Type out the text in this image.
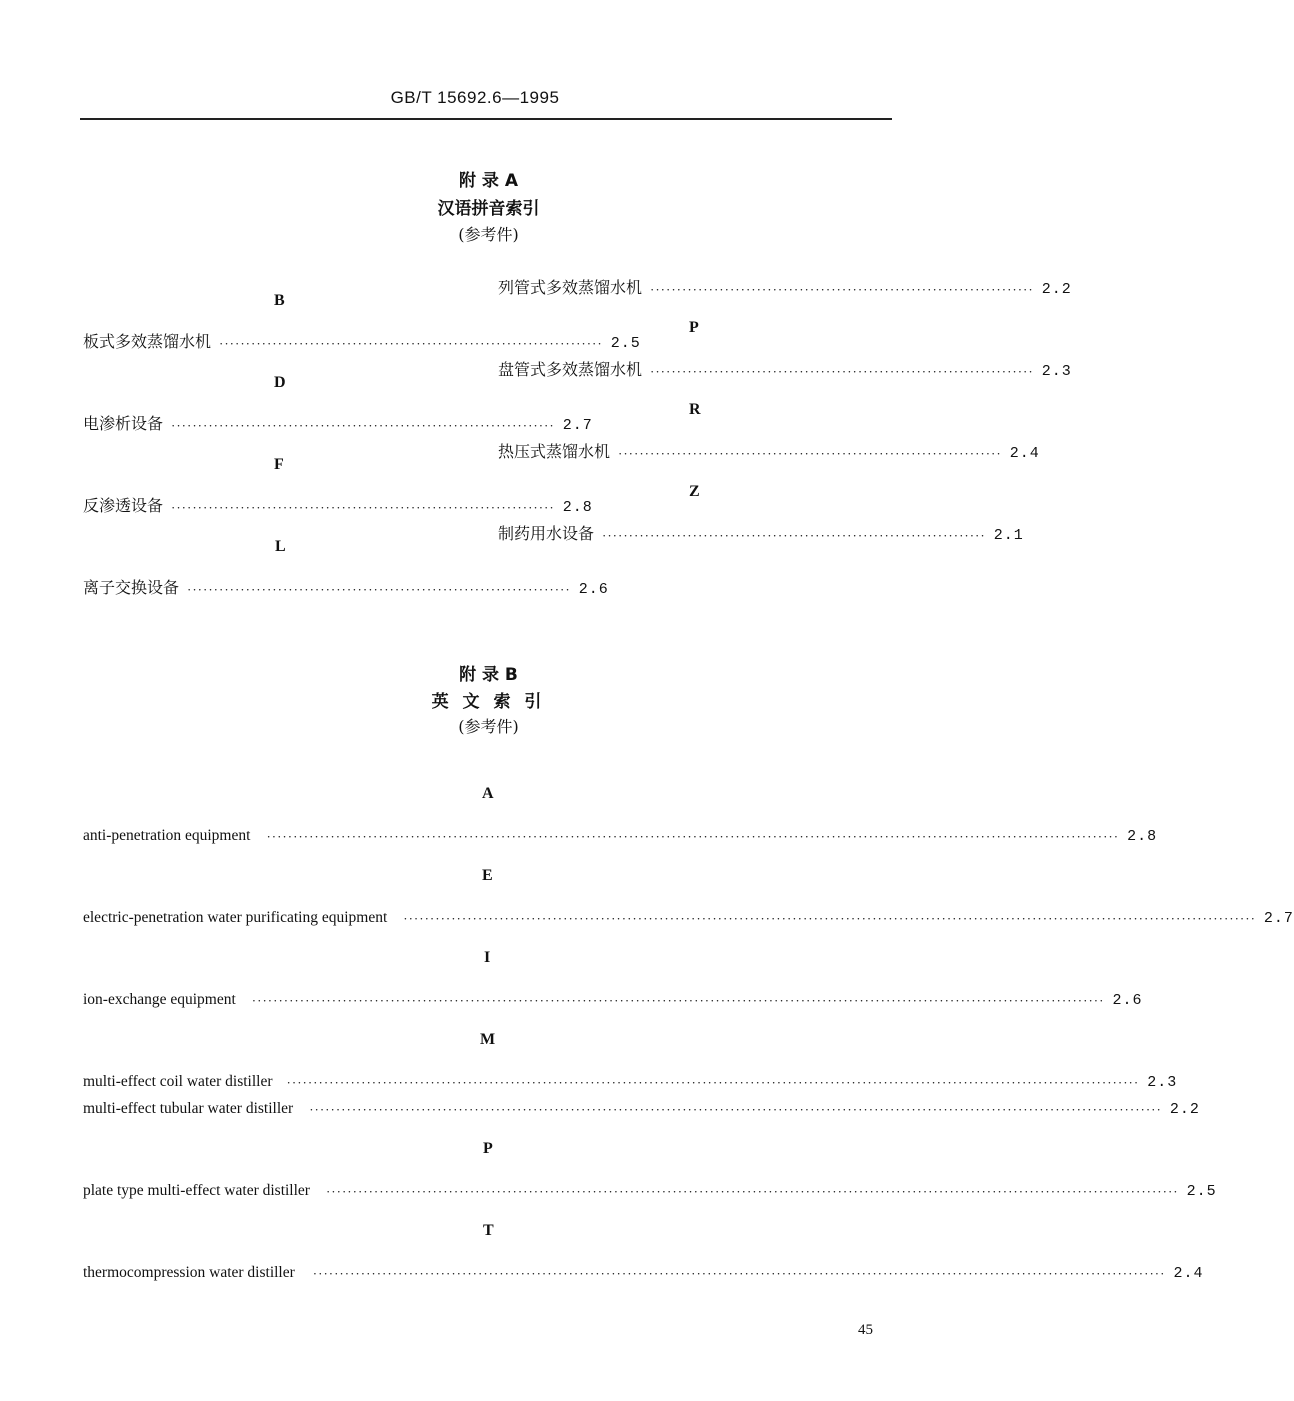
GB/T 15692.6—1995
附 录 A
汉语拼音索引
(参考件)
B
板式多效蒸馏水机 ········································································ 2.5
D
电渗析设备 ········································································ 2.7
F
反渗透设备 ········································································ 2.8
L
离子交换设备 ········································································ 2.6
列管式多效蒸馏水机 ········································································ 2.2
P
盘管式多效蒸馏水机 ········································································ 2.3
R
热压式蒸馏水机 ········································································ 2.4
Z
制药用水设备 ········································································ 2.1
附 录 B
英 文 索 引
(参考件)
A
anti-penetration equipment ································································································································································ 2.8
E
electric-penetration water purificating equipment ································································································································································ 2.7
I
ion-exchange equipment ································································································································································ 2.6
M
multi-effect coil water distiller ································································································································································ 2.3
multi-effect tubular water distiller ································································································································································ 2.2
P
plate type multi-effect water distiller ································································································································································ 2.5
T
thermocompression water distiller ································································································································································ 2.4
45
